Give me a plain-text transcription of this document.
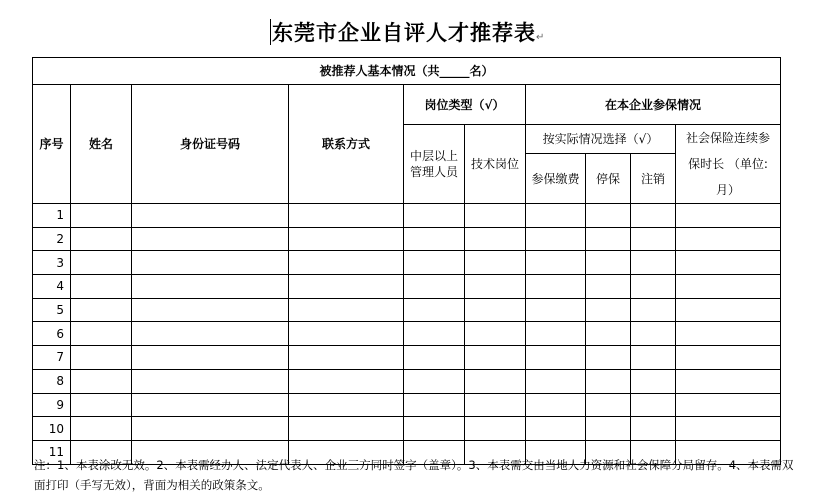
东莞市企业自评人才推荐表↵
被推荐人基本情况（共_____名）									
序号	姓名	身份证号码	联系方式	岗位类型（√）		在本企业参保情况			
				中层以上管理人员	技术岗位	按实际情况选择（√）			社会保险连续参保时长 （单位:月）
						参保缴费	停保	注销	
1									
2									
3									
4									
5									
6									
7									
8									
9									
10									
11									
注：1、本表涂改无效。2、本表需经办人、法定代表人、企业三方同时签字（盖章）。3、本表需交由当地人力资源和社会保障分局留存。4、本表需双面打印（手写无效），背面为相关的政策条文。
